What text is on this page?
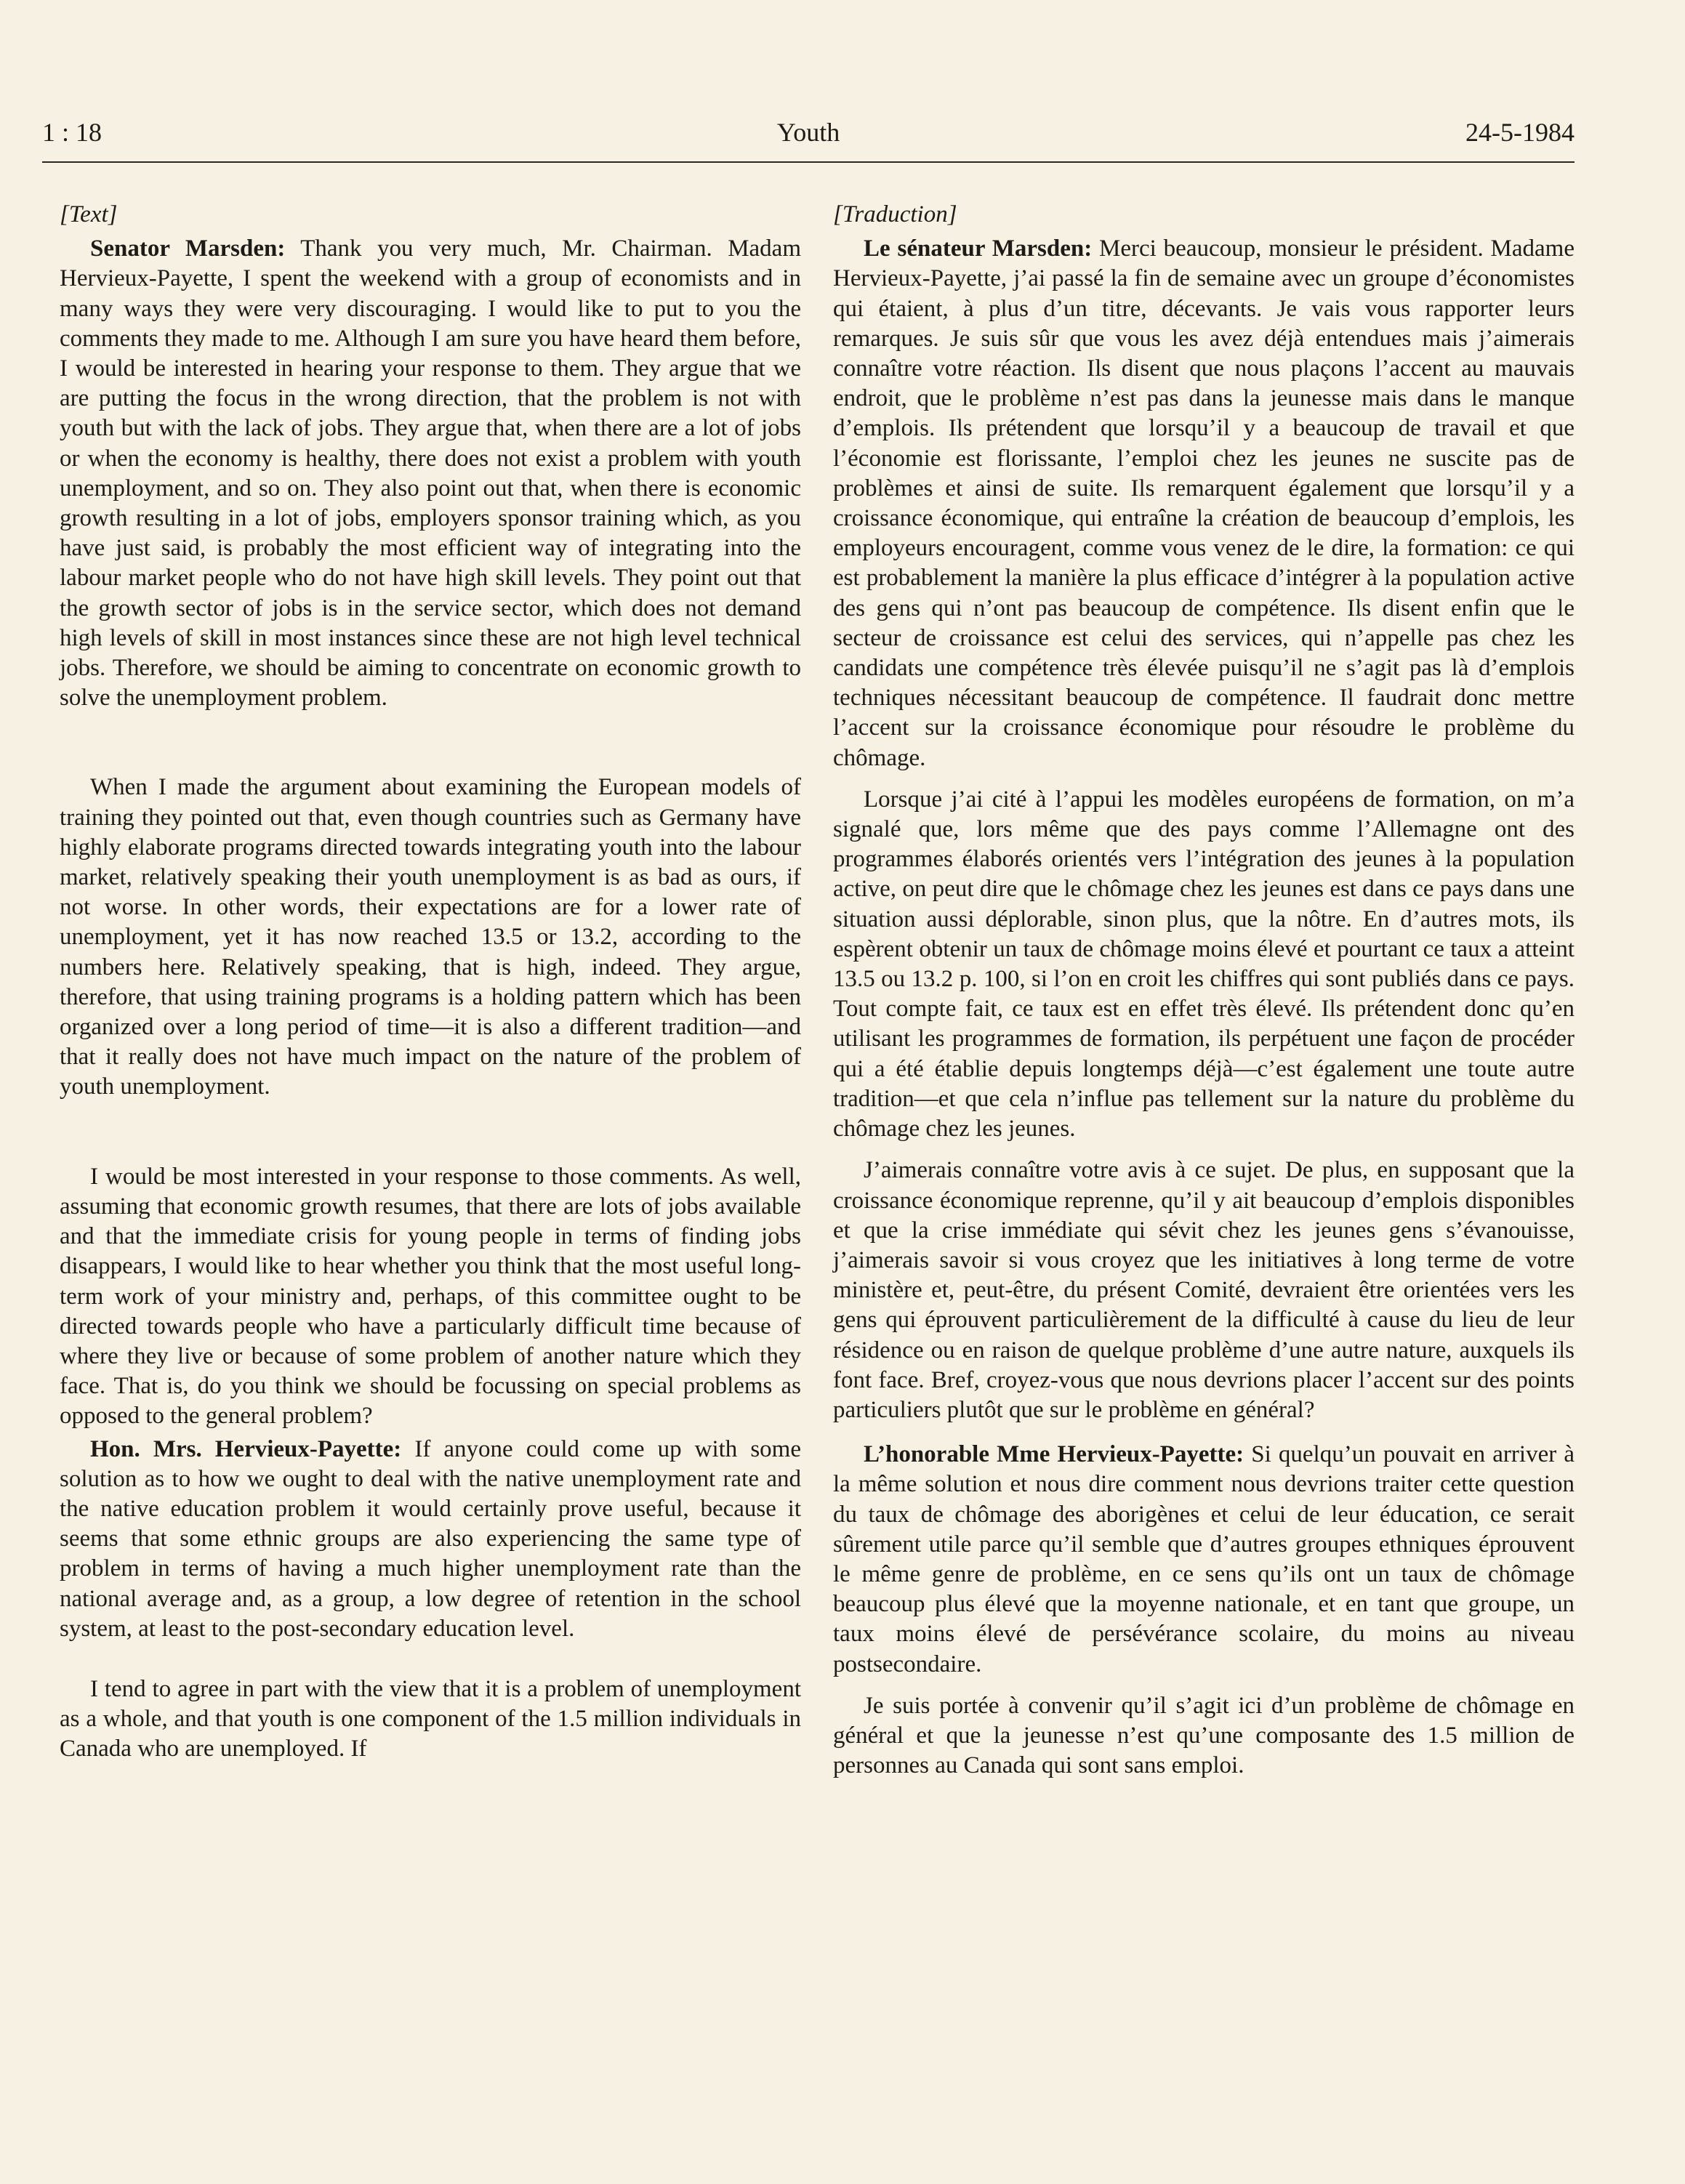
1 : 18	Youth	24-5-1984

[Text]

Senator Marsden: Thank you very much, Mr. Chairman. Madam Hervieux-Payette, I spent the weekend with a group of economists and in many ways they were very discouraging. I would like to put to you the comments they made to me. Although I am sure you have heard them before, I would be interested in hearing your response to them. They argue that we are putting the focus in the wrong direction, that the problem is not with youth but with the lack of jobs. They argue that, when there are a lot of jobs or when the economy is healthy, there does not exist a problem with youth unemployment, and so on. They also point out that, when there is economic growth resulting in a lot of jobs, employers sponsor training which, as you have just said, is probably the most efficient way of integrating into the labour market people who do not have high skill levels. They point out that the growth sector of jobs is in the service sector, which does not demand high levels of skill in most instances since these are not high level technical jobs. Therefore, we should be aiming to concentrate on economic growth to solve the unemployment problem.

When I made the argument about examining the European models of training they pointed out that, even though countries such as Germany have highly elaborate programs directed towards integrating youth into the labour market, relatively speaking their youth unemployment is as bad as ours, if not worse. In other words, their expectations are for a lower rate of unemployment, yet it has now reached 13.5 or 13.2, according to the numbers here. Relatively speaking, that is high, indeed. They argue, therefore, that using training programs is a holding pattern which has been organized over a long period of time—it is also a different tradition—and that it really does not have much impact on the nature of the problem of youth unemployment.

I would be most interested in your response to those comments. As well, assuming that economic growth resumes, that there are lots of jobs available and that the immediate crisis for young people in terms of finding jobs disappears, I would like to hear whether you think that the most useful long-term work of your ministry and, perhaps, of this committee ought to be directed towards people who have a particularly difficult time because of where they live or because of some problem of another nature which they face. That is, do you think we should be focussing on special problems as opposed to the general problem?

Hon. Mrs. Hervieux-Payette: If anyone could come up with some solution as to how we ought to deal with the native unemployment rate and the native education problem it would certainly prove useful, because it seems that some ethnic groups are also experiencing the same type of problem in terms of having a much higher unemployment rate than the national average and, as a group, a low degree of retention in the school system, at least to the post-secondary education level.

I tend to agree in part with the view that it is a problem of unemployment as a whole, and that youth is one component of the 1.5 million individuals in Canada who are unemployed. If

[Traduction]

Le sénateur Marsden: Merci beaucoup, monsieur le président. Madame Hervieux-Payette, j’ai passé la fin de semaine avec un groupe d’économistes qui étaient, à plus d’un titre, décevants. Je vais vous rapporter leurs remarques. Je suis sûr que vous les avez déjà entendues mais j’aimerais connaître votre réaction. Ils disent que nous plaçons l’accent au mauvais endroit, que le problème n’est pas dans la jeunesse mais dans le manque d’emplois. Ils prétendent que lorsqu’il y a beaucoup de travail et que l’économie est florissante, l’emploi chez les jeunes ne suscite pas de problèmes et ainsi de suite. Ils remarquent également que lorsqu’il y a croissance économique, qui entraîne la création de beaucoup d’emplois, les employeurs encouragent, comme vous venez de le dire, la formation: ce qui est probablement la manière la plus efficace d’intégrer à la population active des gens qui n’ont pas beaucoup de compétence. Ils disent enfin que le secteur de croissance est celui des services, qui n’appelle pas chez les candidats une compétence très élevée puisqu’il ne s’agit pas là d’emplois techniques nécessitant beaucoup de compétence. Il faudrait donc mettre l’accent sur la croissance économique pour résoudre le problème du chômage.

Lorsque j’ai cité à l’appui les modèles européens de formation, on m’a signalé que, lors même que des pays comme l’Allemagne ont des programmes élaborés orientés vers l’intégration des jeunes à la population active, on peut dire que le chômage chez les jeunes est dans ce pays dans une situation aussi déplorable, sinon plus, que la nôtre. En d’autres mots, ils espèrent obtenir un taux de chômage moins élevé et pourtant ce taux a atteint 13.5 ou 13.2 p. 100, si l’on en croit les chiffres qui sont publiés dans ce pays. Tout compte fait, ce taux est en effet très élevé. Ils prétendent donc qu’en utilisant les programmes de formation, ils perpétuent une façon de procéder qui a été établie depuis longtemps déjà—c’est également une toute autre tradition—et que cela n’influe pas tellement sur la nature du problème du chômage chez les jeunes.

J’aimerais connaître votre avis à ce sujet. De plus, en supposant que la croissance économique reprenne, qu’il y ait beaucoup d’emplois disponibles et que la crise immédiate qui sévit chez les jeunes gens s’évanouisse, j’aimerais savoir si vous croyez que les initiatives à long terme de votre ministère et, peut-être, du présent Comité, devraient être orientées vers les gens qui éprouvent particulièrement de la difficulté à cause du lieu de leur résidence ou en raison de quelque problème d’une autre nature, auxquels ils font face. Bref, croyez-vous que nous devrions placer l’accent sur des points particuliers plutôt que sur le problème en général?

L’honorable Mme Hervieux-Payette: Si quelqu’un pouvait en arriver à la même solution et nous dire comment nous devrions traiter cette question du taux de chômage des aborigènes et celui de leur éducation, ce serait sûrement utile parce qu’il semble que d’autres groupes ethniques éprouvent le même genre de problème, en ce sens qu’ils ont un taux de chômage beaucoup plus élevé que la moyenne nationale, et en tant que groupe, un taux moins élevé de persévérance scolaire, du moins au niveau postsecondaire.

Je suis portée à convenir qu’il s’agit ici d’un problème de chômage en général et que la jeunesse n’est qu’une composante des 1.5 million de personnes au Canada qui sont sans emploi.
